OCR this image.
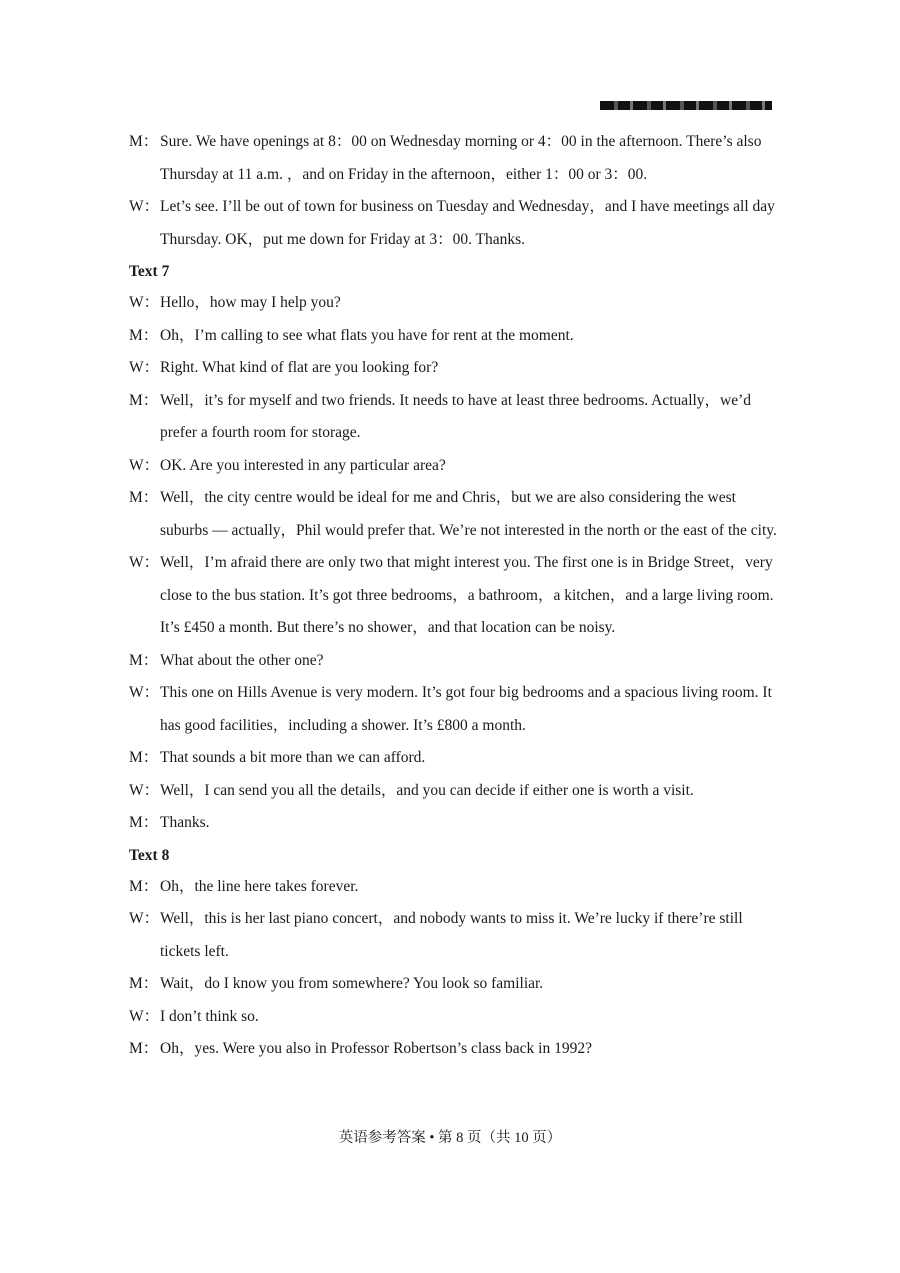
M： Sure. We have openings at 8：00 on Wednesday morning or 4：00 in the afternoon. There’s also Thursday at 11 a.m. ，and on Friday in the afternoon，either 1：00 or 3：00.
W： Let’s see. I’ll be out of town for business on Tuesday and Wednesday，and I have meetings all day Thursday. OK，put me down for Friday at 3：00. Thanks.
Text 7
W： Hello，how may I help you?
M： Oh，I’m calling to see what flats you have for rent at the moment.
W： Right. What kind of flat are you looking for?
M： Well，it’s for myself and two friends. It needs to have at least three bedrooms. Actually，we’d prefer a fourth room for storage.
W： OK. Are you interested in any particular area?
M： Well，the city centre would be ideal for me and Chris，but we are also considering the west suburbs — actually，Phil would prefer that. We’re not interested in the north or the east of the city.
W： Well，I’m afraid there are only two that might interest you. The first one is in Bridge Street，very close to the bus station. It’s got three bedrooms，a bathroom，a kitchen，and a large living room. It’s £450 a month. But there’s no shower，and that location can be noisy.
M： What about the other one?
W： This one on Hills Avenue is very modern. It’s got four big bedrooms and a spacious living room. It has good facilities，including a shower. It’s £800 a month.
M： That sounds a bit more than we can afford.
W： Well，I can send you all the details，and you can decide if either one is worth a visit.
M： Thanks.
Text 8
M： Oh，the line here takes forever.
W： Well，this is her last piano concert，and nobody wants to miss it. We’re lucky if there’re still tickets left.
M： Wait，do I know you from somewhere? You look so familiar.
W： I don’t think so.
M： Oh，yes. Were you also in Professor Robertson’s class back in 1992?
英语参考答案 • 第 8 页（共 10 页）
